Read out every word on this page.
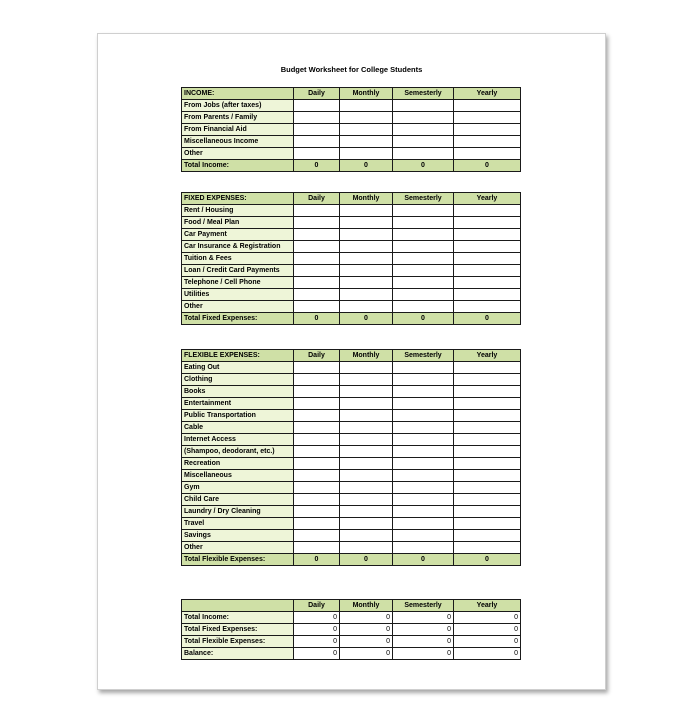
Budget Worksheet for College Students
INCOME:	Daily	Monthly	Semesterly	Yearly
From Jobs (after taxes)				
From Parents / Family				
From Financial Aid				
Miscellaneous Income				
Other				
Total Income:	0	0	0	0
FIXED EXPENSES:	Daily	Monthly	Semesterly	Yearly
Rent / Housing				
Food / Meal Plan				
Car Payment				
Car Insurance & Registration				
Tuition & Fees				
Loan / Credit Card Payments				
Telephone / Cell Phone				
Utilities				
Other				
Total Fixed Expenses:	0	0	0	0
FLEXIBLE EXPENSES:	Daily	Monthly	Semesterly	Yearly
Eating Out				
Clothing				
Books				
Entertainment				
Public Transportation				
Cable				
Internet Access				
(Shampoo, deodorant, etc.)				
Recreation				
Miscellaneous				
Gym				
Child Care				
Laundry / Dry Cleaning				
Travel				
Savings				
Other				
Total Flexible Expenses:	0	0	0	0
	Daily	Monthly	Semesterly	Yearly
Total Income:	0	0	0	0
Total Fixed Expenses:	0	0	0	0
Total Flexible Expenses:	0	0	0	0
Balance:	0	0	0	0
